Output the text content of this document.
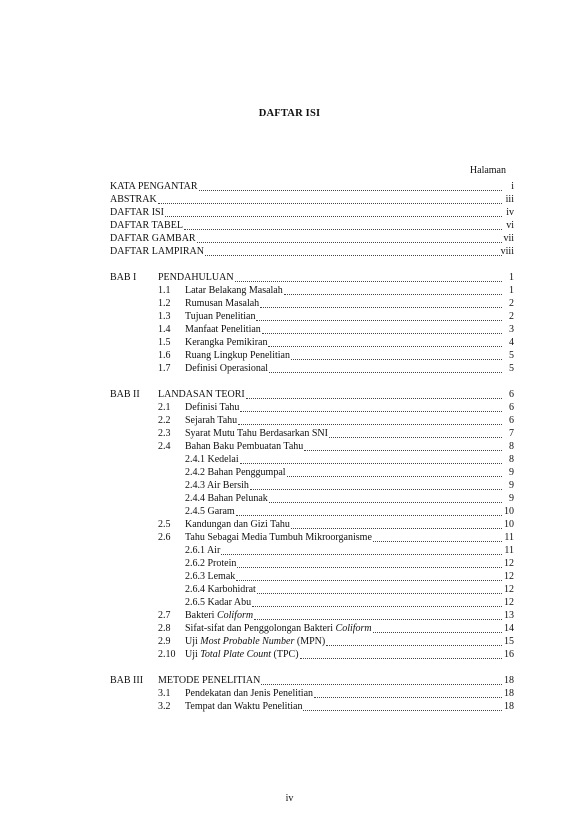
DAFTAR ISI
Halaman
KATA PENGANTAR	i
ABSTRAK	iii
DAFTAR ISI	iv
DAFTAR TABEL	vi
DAFTAR GAMBAR	vii
DAFTAR LAMPIRAN	viii
BAB I PENDAHULUAN	1
1.1 Latar Belakang Masalah	1
1.2 Rumusan Masalah	2
1.3 Tujuan Penelitian	2
1.4 Manfaat Penelitian	3
1.5 Kerangka Pemikiran	4
1.6 Ruang Lingkup Penelitian	5
1.7 Definisi Operasional	5
BAB II LANDASAN TEORI	6
2.1 Definisi Tahu	6
2.2 Sejarah Tahu	6
2.3 Syarat Mutu Tahu Berdasarkan SNI	7
2.4 Bahan Baku Pembuatan Tahu	8
2.4.1 Kedelai	8
2.4.2 Bahan Penggumpal	9
2.4.3 Air Bersih	9
2.4.4 Bahan Pelunak	9
2.4.5 Garam	10
2.5 Kandungan dan Gizi Tahu	10
2.6 Tahu Sebagai Media Tumbuh Mikroorganisme	11
2.6.1 Air	11
2.6.2 Protein	12
2.6.3 Lemak	12
2.6.4 Karbohidrat	12
2.6.5 Kadar Abu	12
2.7 Bakteri Coliform	13
2.8 Sifat-sifat dan Penggolongan Bakteri Coliform	14
2.9 Uji Most Probable Number (MPN)	15
2.10 Uji Total Plate Count (TPC)	16
BAB III METODE PENELITIAN	18
3.1 Pendekatan dan Jenis Penelitian	18
3.2 Tempat dan Waktu Penelitian	18
iv
